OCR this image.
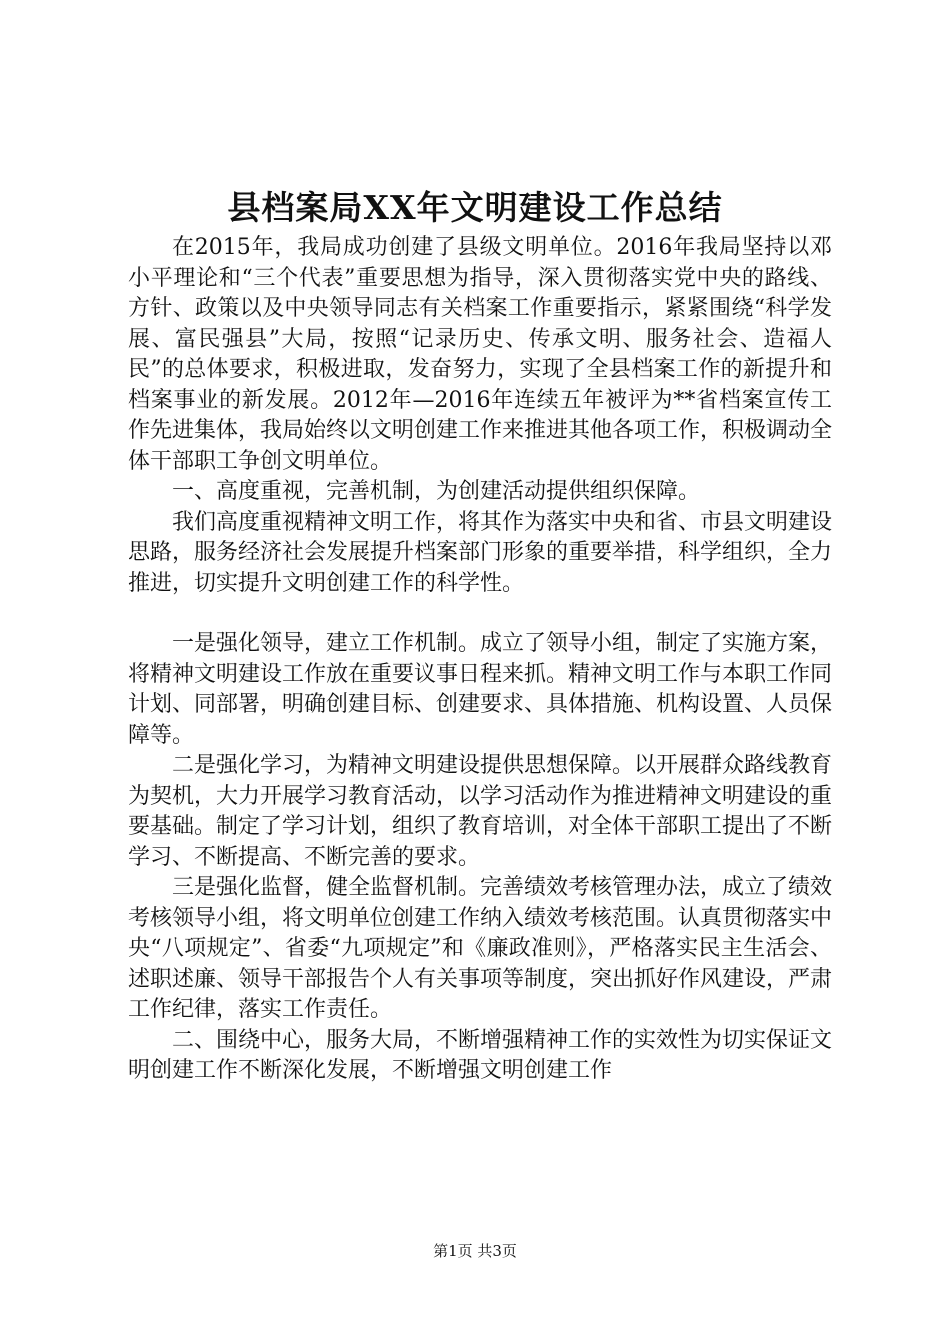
县档案局XX年文明建设工作总结

在2015年，我局成功创建了县级文明单位。2016年我局坚持以邓小平理论和“三个代表”重要思想为指导，深入贯彻落实党中央的路线、方针、政策以及中央领导同志有关档案工作重要指示，紧紧围绕“科学发展、富民强县”大局，按照“记录历史、传承文明、服务社会、造福人民”的总体要求，积极进取，发奋努力，实现了全县档案工作的新提升和档案事业的新发展。2012年—2016年连续五年被评为**省档案宣传工作先进集体，我局始终以文明创建工作来推进其他各项工作，积极调动全体干部职工争创文明单位。

一、高度重视，完善机制，为创建活动提供组织保障。

我们高度重视精神文明工作，将其作为落实中央和省、市县文明建设思路，服务经济社会发展提升档案部门形象的重要举措，科学组织，全力推进，切实提升文明创建工作的科学性。

一是强化领导，建立工作机制。成立了领导小组，制定了实施方案，将精神文明建设工作放在重要议事日程来抓。精神文明工作与本职工作同计划、同部署，明确创建目标、创建要求、具体措施、机构设置、人员保障等。

二是强化学习，为精神文明建设提供思想保障。以开展群众路线教育为契机，大力开展学习教育活动，以学习活动作为推进精神文明建设的重要基础。制定了学习计划，组织了教育培训，对全体干部职工提出了不断学习、不断提高、不断完善的要求。

三是强化监督，健全监督机制。完善绩效考核管理办法，成立了绩效考核领导小组，将文明单位创建工作纳入绩效考核范围。认真贯彻落实中央“八项规定”、省委“九项规定”和《廉政准则》，严格落实民主生活会、述职述廉、领导干部报告个人有关事项等制度，突出抓好作风建设，严肃工作纪律，落实工作责任。

二、围绕中心，服务大局，不断增强精神工作的实效性为切实保证文明创建工作不断深化发展，不断增强文明创建工作

第1页 共3页
